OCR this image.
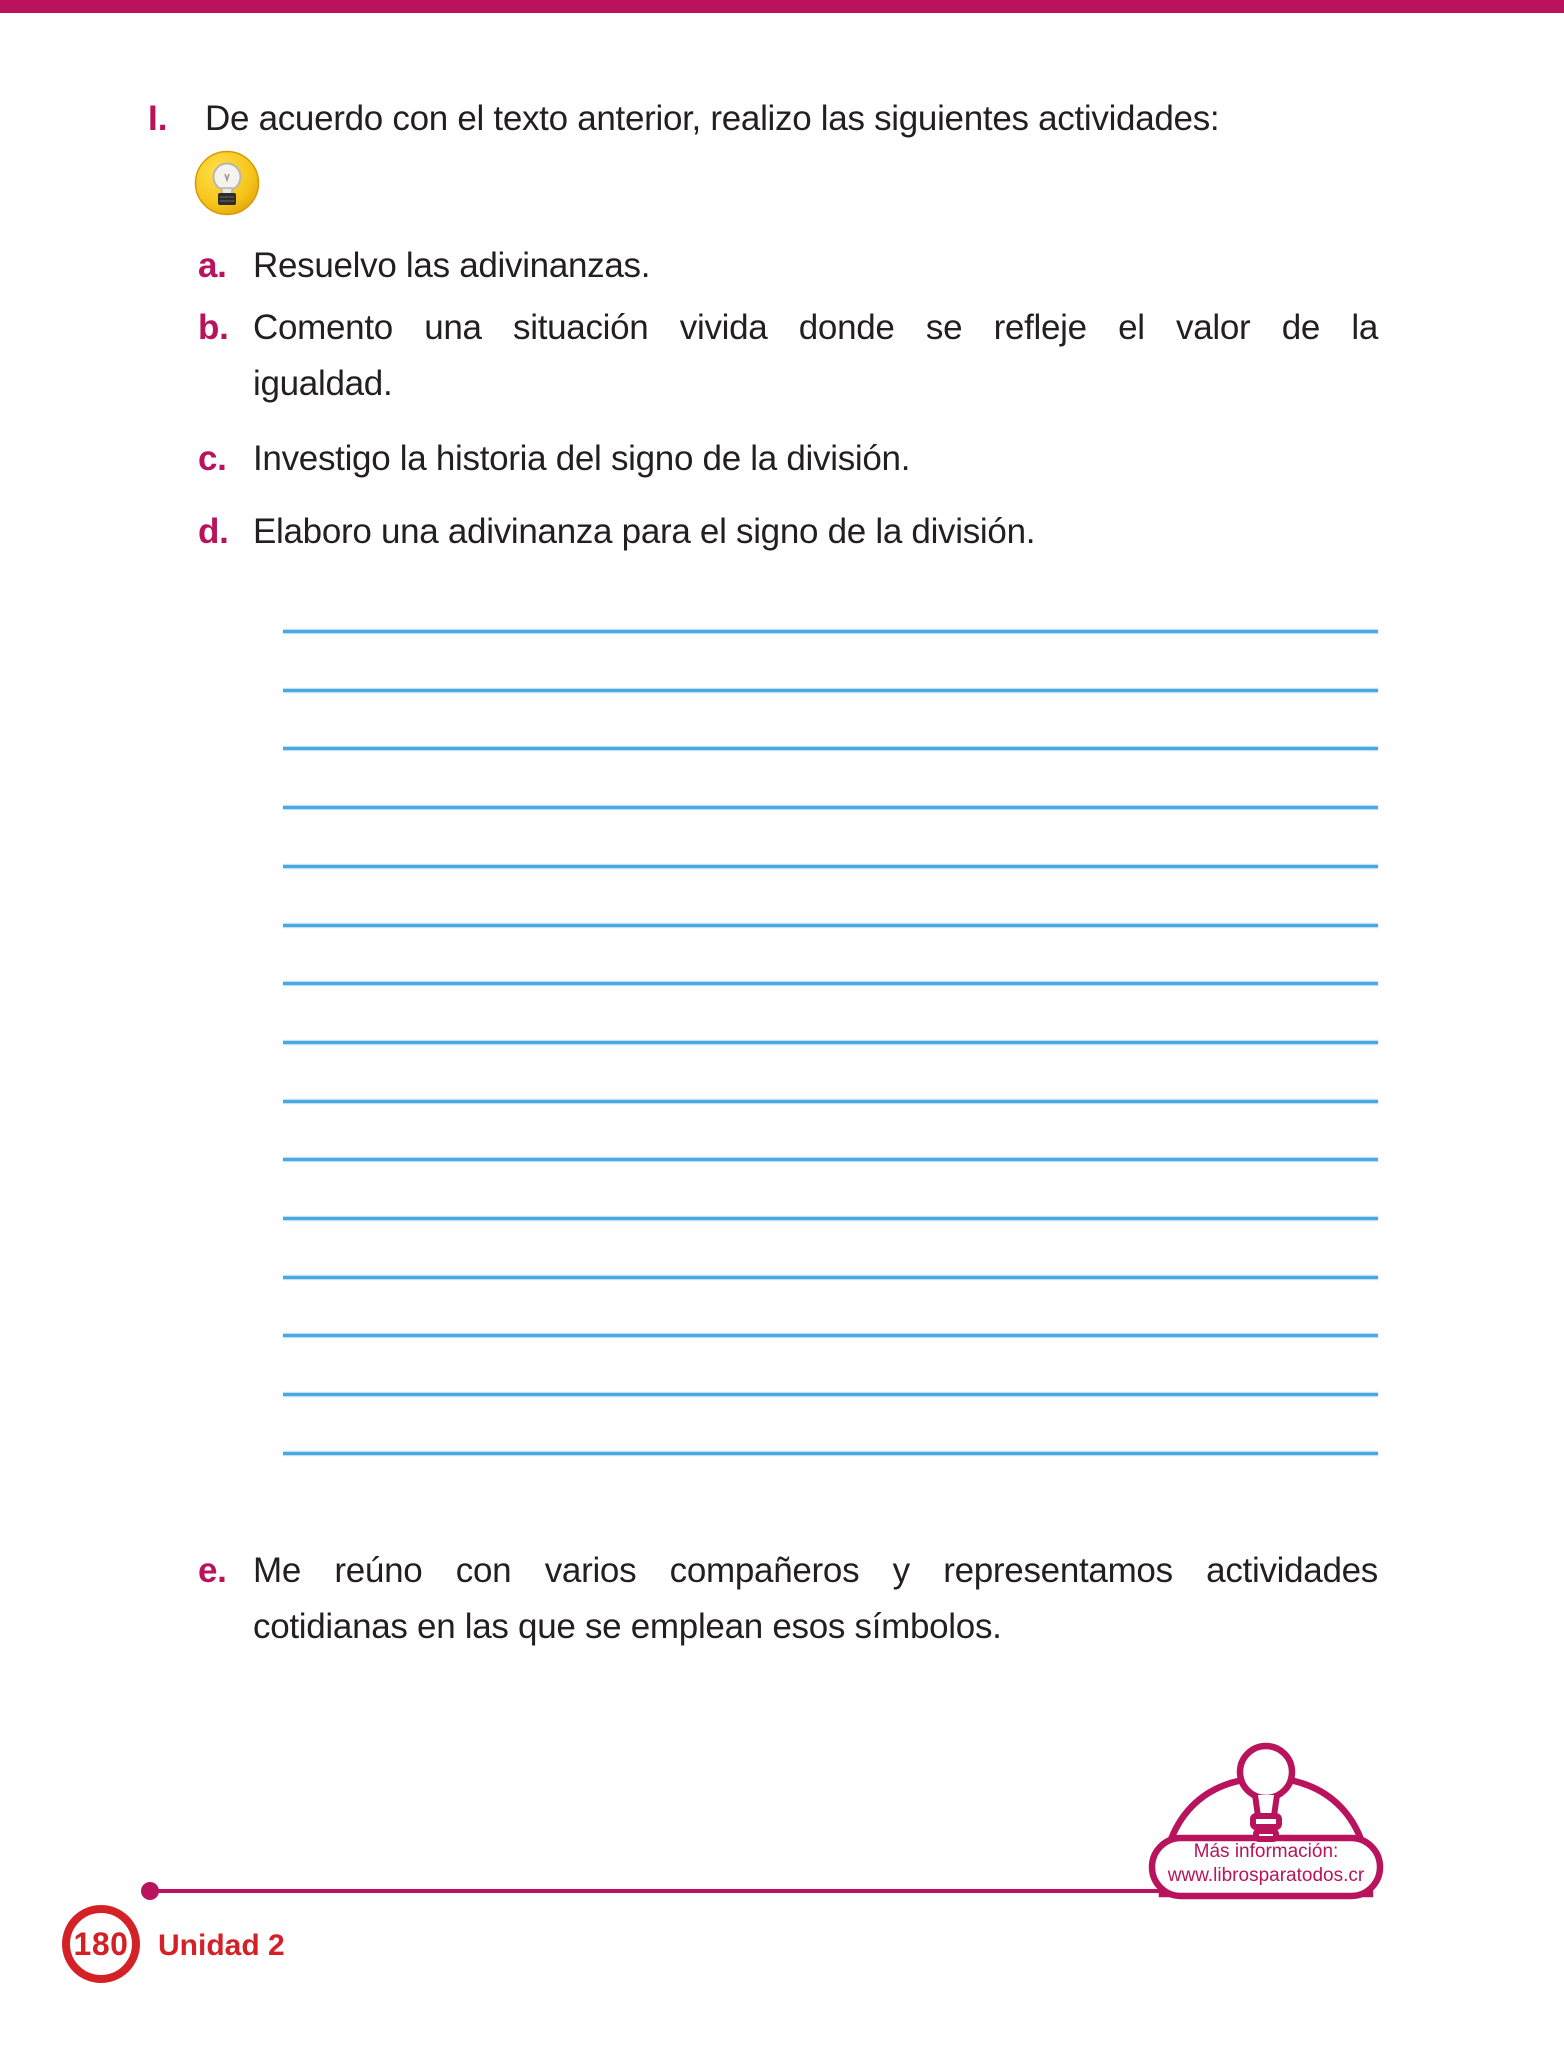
I. De acuerdo con el texto anterior, realizo las siguientes actividades:
a. Resuelvo las adivinanzas.
b. Comento una situación vivida donde se refleje el valor de la
igualdad.
c. Investigo la historia del signo de la división.
d. Elaboro una adivinanza para el signo de la división.
e. Me reúno con varios compañeros y representamos actividades
cotidianas en las que se emplean esos símbolos.
Más información:
www.librosparatodos.cr
180 Unidad 2
